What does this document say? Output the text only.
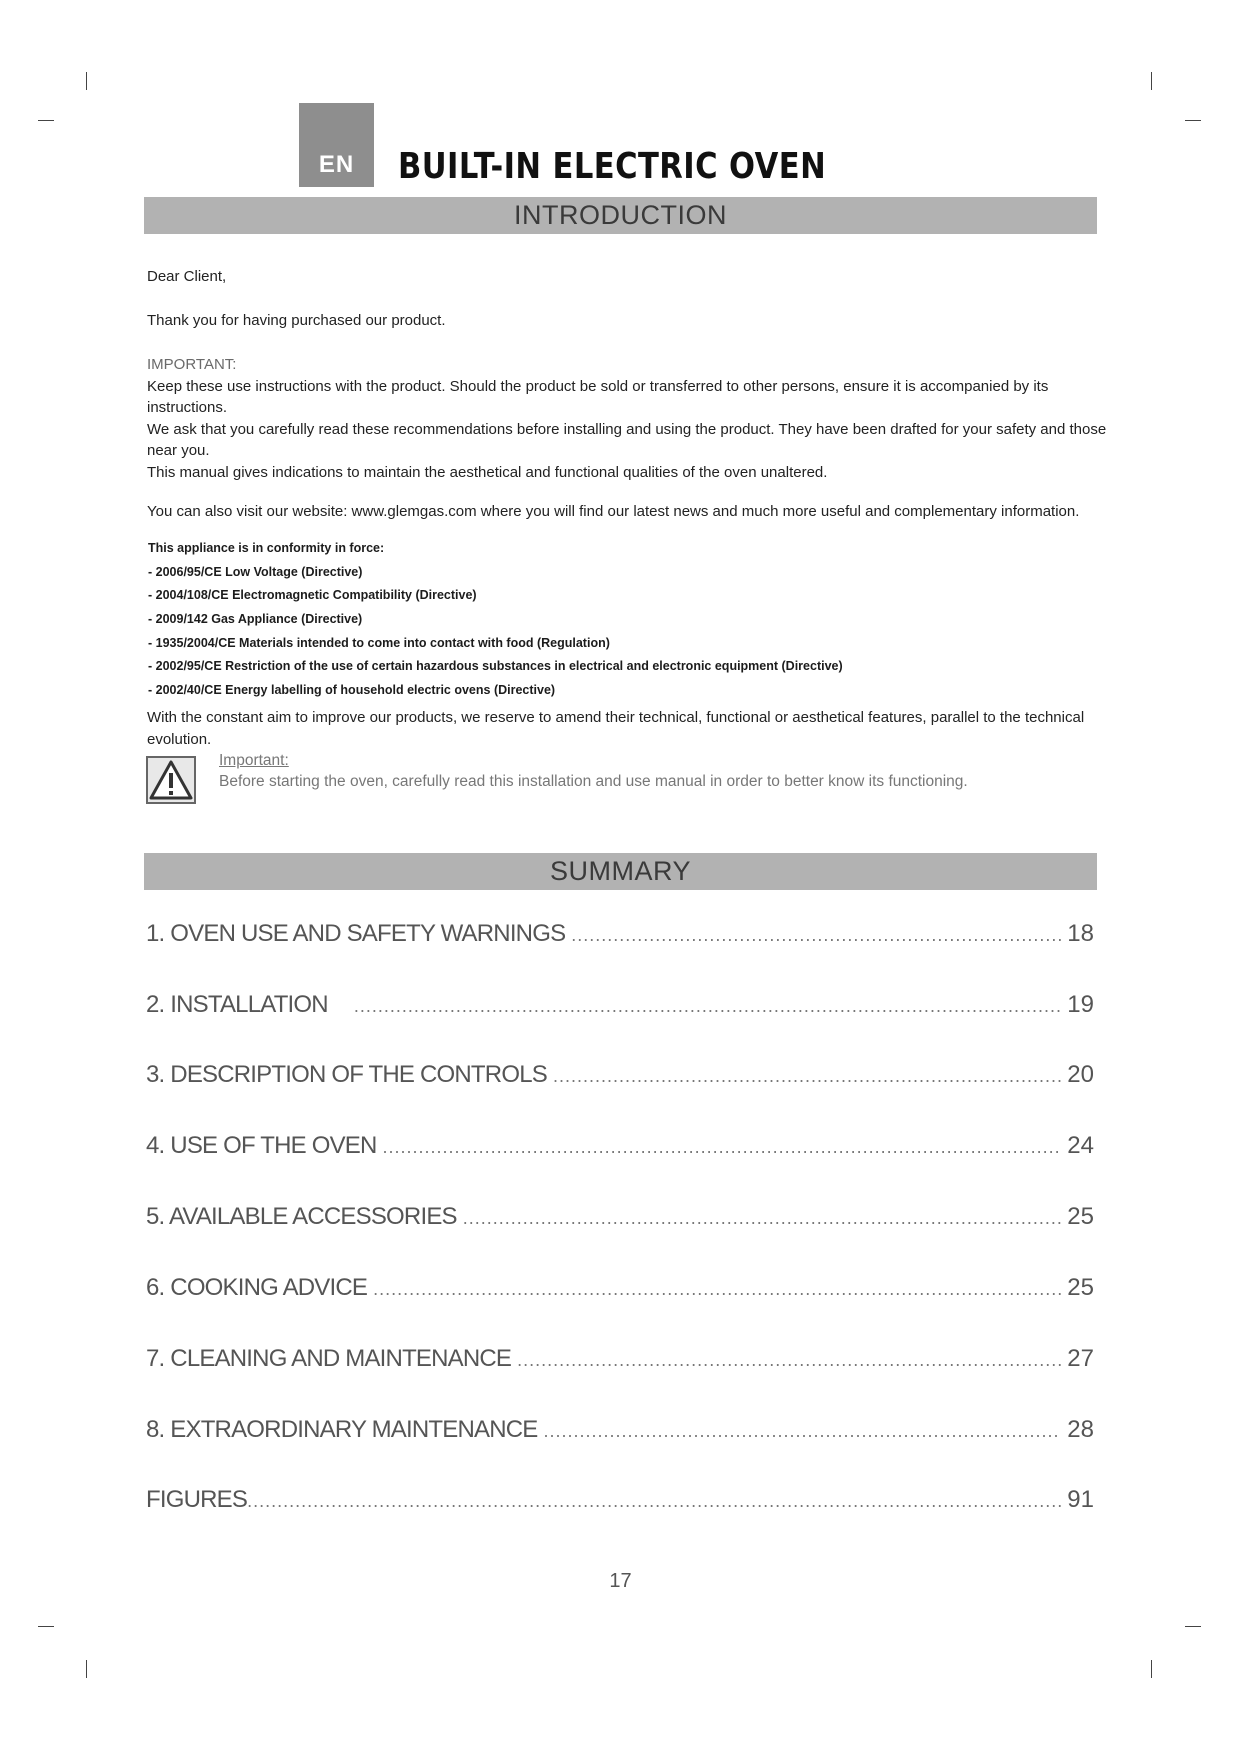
EN	BUILT-IN ELECTRIC OVEN
INTRODUCTION
Dear Client,
Thank you for having purchased our product.

IMPORTANT:

Keep these use instructions with the product. Should the product be sold or transferred to other persons, ensure it is accompanied by its instructions.

We ask that you carefully read these recommendations before installing and using the product. They have been drafted for your safety and those near you.

This manual gives indications to maintain the aesthetical and functional qualities of the oven unaltered.

You can also visit our website: www.glemgas.com where you will find our latest news and much more useful and complementary information.
This appliance is in conformity in force:
- 2006/95/CE Low Voltage (Directive)
- 2004/108/CE Electromagnetic Compatibility (Directive)
- 2009/142 Gas Appliance (Directive)
- 1935/2004/CE Materials intended to come into contact with food (Regulation)
- 2002/95/CE Restriction of the use of certain hazardous substances in electrical and electronic equipment (Directive)
- 2002/40/CE Energy labelling of household electric ovens (Directive)
With the constant aim to improve our products, we reserve to amend their technical, functional or aesthetical features, parallel to the technical evolution.
Important:
Before starting the oven, carefully read this installation and use manual in order to better know its functioning.
SUMMARY
1. OVEN USE AND SAFETY WARNINGS .....	18
2. INSTALLATION .....	19
3. DESCRIPTION OF THE CONTROLS .....	20
4. USE OF THE OVEN .....	24
5. AVAILABLE ACCESSORIES .....	25
6. COOKING ADVICE .....	25
7. CLEANING AND MAINTENANCE .....	27
8. EXTRAORDINARY MAINTENANCE .....	28
FIGURES .....	91
17
